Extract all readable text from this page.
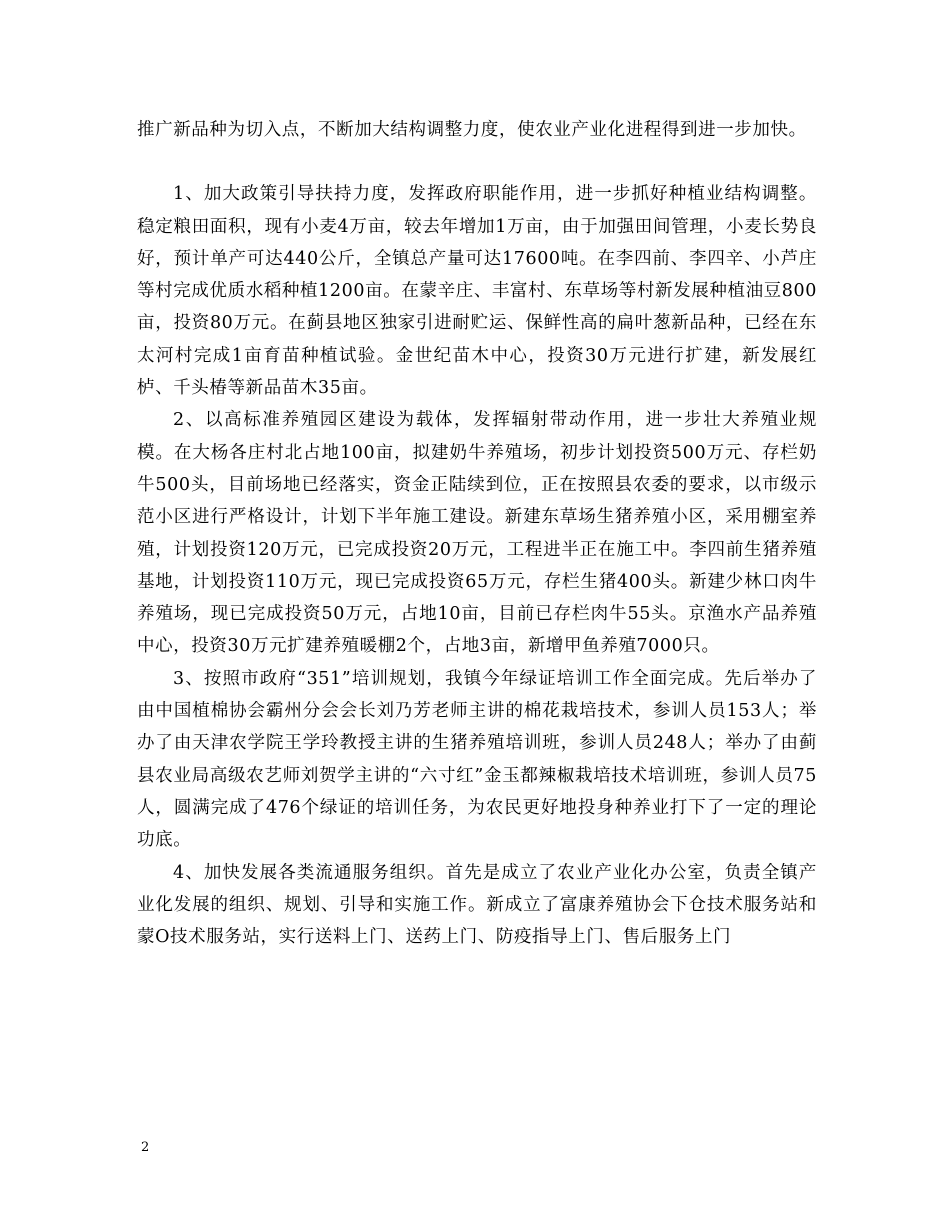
推广新品种为切入点，不断加大结构调整力度，使农业产业化进程得到进一步加快。

1、加大政策引导扶持力度，发挥政府职能作用，进一步抓好种植业结构调整。稳定粮田面积，现有小麦4万亩，较去年增加1万亩，由于加强田间管理，小麦长势良好，预计单产可达440公斤，全镇总产量可达17600吨。在李四前、李四辛、小芦庄等村完成优质水稻种植1200亩。在蒙辛庄、丰富村、东草场等村新发展种植油豆800亩，投资80万元。在蓟县地区独家引进耐贮运、保鲜性高的扁叶葱新品种，已经在东太河村完成1亩育苗种植试验。金世纪苗木中心，投资30万元进行扩建，新发展红栌、千头椿等新品苗木35亩。

2、以高标准养殖园区建设为载体，发挥辐射带动作用，进一步壮大养殖业规模。在大杨各庄村北占地100亩，拟建奶牛养殖场，初步计划投资500万元、存栏奶牛500头，目前场地已经落实，资金正陆续到位，正在按照县农委的要求，以市级示范小区进行严格设计，计划下半年施工建设。新建东草场生猪养殖小区，采用棚室养殖，计划投资120万元，已完成投资20万元，工程进半正在施工中。李四前生猪养殖基地，计划投资110万元，现已完成投资65万元，存栏生猪400头。新建少林口肉牛养殖场，现已完成投资50万元，占地10亩，目前已存栏肉牛55头。京渔水产品养殖中心，投资30万元扩建养殖暖棚2个，占地3亩，新增甲鱼养殖7000只。

3、按照市政府“351”培训规划，我镇今年绿证培训工作全面完成。先后举办了由中国植棉协会霸州分会会长刘乃芳老师主讲的棉花栽培技术，参训人员153人；举办了由天津农学院王学玲教授主讲的生猪养殖培训班，参训人员248人；举办了由蓟县农业局高级农艺师刘贺学主讲的“六寸红”金玉都辣椒栽培技术培训班，参训人员75人，圆满完成了476个绿证的培训任务，为农民更好地投身种养业打下了一定的理论功底。

4、加快发展各类流通服务组织。首先是成立了农业产业化办公室，负责全镇产业化发展的组织、规划、引导和实施工作。新成立了富康养殖协会下仓技术服务站和蒙O技术服务站，实行送料上门、送药上门、防疫指导上门、售后服务上门

2
